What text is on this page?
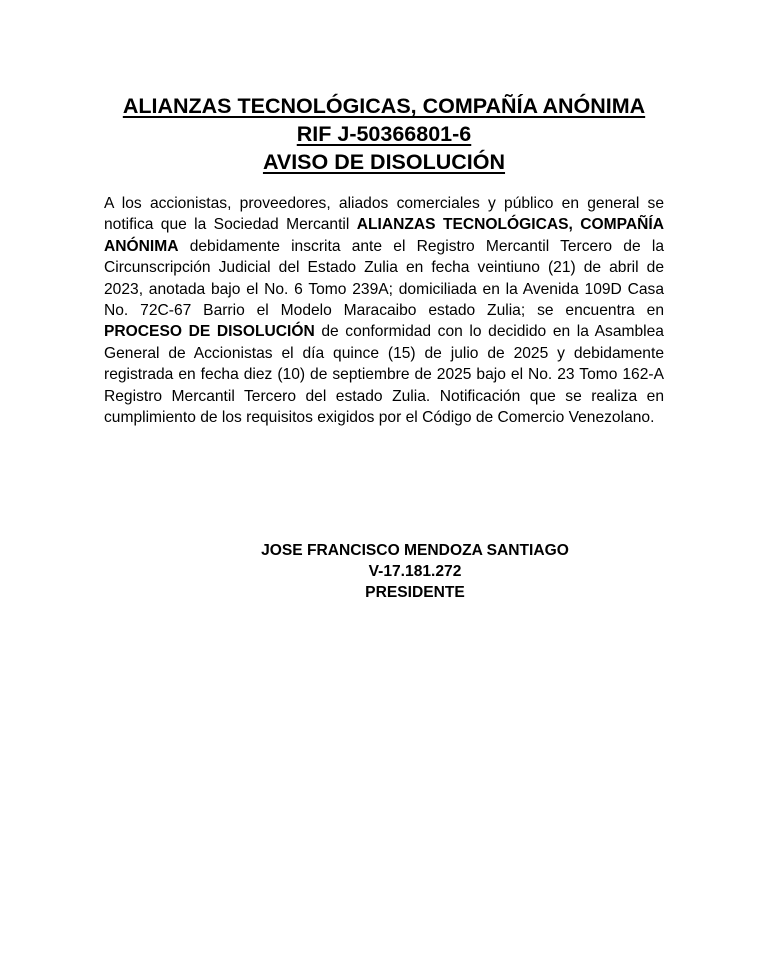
ALIANZAS TECNOLÓGICAS, COMPAÑÍA ANÓNIMA
RIF J-50366801-6
AVISO DE DISOLUCIÓN
A los accionistas, proveedores, aliados comerciales y público en general se notifica que la Sociedad Mercantil ALIANZAS TECNOLÓGICAS, COMPAÑÍA ANÓNIMA debidamente inscrita ante el Registro Mercantil Tercero de la Circunscripción Judicial del Estado Zulia en fecha veintiuno (21) de abril de 2023, anotada bajo el No. 6 Tomo 239A; domiciliada en la Avenida 109D Casa No. 72C-67 Barrio el Modelo Maracaibo estado Zulia; se encuentra en PROCESO DE DISOLUCIÓN de conformidad con lo decidido en la Asamblea General de Accionistas el día quince (15) de julio de 2025 y debidamente registrada en fecha diez (10) de septiembre de 2025 bajo el No. 23 Tomo 162-A Registro Mercantil Tercero del estado Zulia. Notificación que se realiza en cumplimiento de los requisitos exigidos por el Código de Comercio Venezolano.
JOSE FRANCISCO MENDOZA SANTIAGO
V-17.181.272
PRESIDENTE
